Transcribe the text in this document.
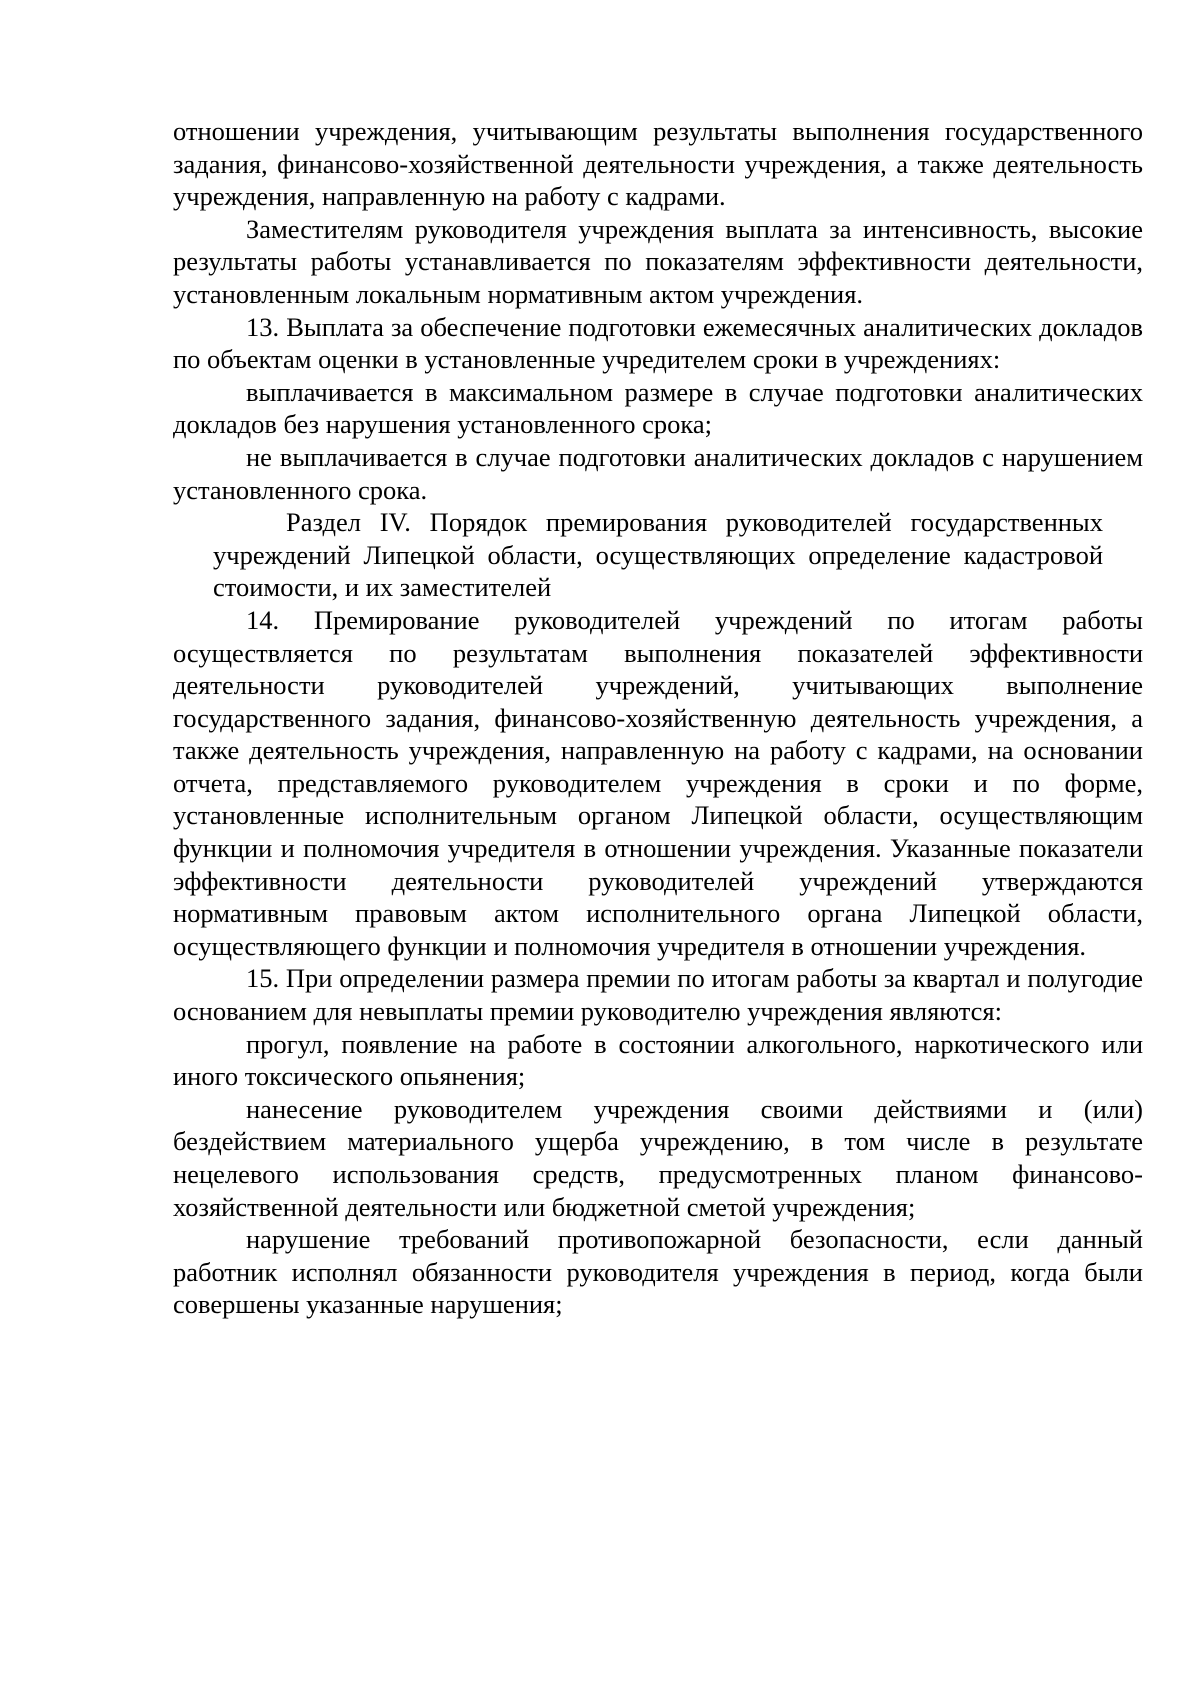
отношении учреждения, учитывающим результаты выполнения государственного задания, финансово-хозяйственной деятельности учреждения, а также деятельность учреждения, направленную на работу с кадрами.

Заместителям руководителя учреждения выплата за интенсивность, высокие результаты работы устанавливается по показателям эффективности деятельности, установленным локальным нормативным актом учреждения.

13. Выплата за обеспечение подготовки ежемесячных аналитических докладов по объектам оценки в установленные учредителем сроки в учреждениях:

выплачивается в максимальном размере в случае подготовки аналитических докладов без нарушения установленного срока;

не выплачивается в случае подготовки аналитических докладов с нарушением установленного срока.

Раздел IV. Порядок премирования руководителей государственных учреждений Липецкой области, осуществляющих определение кадастровой стоимости, и их заместителей

14. Премирование руководителей учреждений по итогам работы осуществляется по результатам выполнения показателей эффективности деятельности руководителей учреждений, учитывающих выполнение государственного задания, финансово-хозяйственную деятельность учреждения, а также деятельность учреждения, направленную на работу с кадрами, на основании отчета, представляемого руководителем учреждения в сроки и по форме, установленные исполнительным органом Липецкой области, осуществляющим функции и полномочия учредителя в отношении учреждения. Указанные показатели эффективности деятельности руководителей учреждений утверждаются нормативным правовым актом исполнительного органа Липецкой области, осуществляющего функции и полномочия учредителя в отношении учреждения.

15. При определении размера премии по итогам работы за квартал и полугодие основанием для невыплаты премии руководителю учреждения являются:

прогул, появление на работе в состоянии алкогольного, наркотического или иного токсического опьянения;

нанесение руководителем учреждения своими действиями и (или) бездействием материального ущерба учреждению, в том числе в результате нецелевого использования средств, предусмотренных планом финансово-хозяйственной деятельности или бюджетной сметой учреждения;

нарушение требований противопожарной безопасности, если данный работник исполнял обязанности руководителя учреждения в период, когда были совершены указанные нарушения;
